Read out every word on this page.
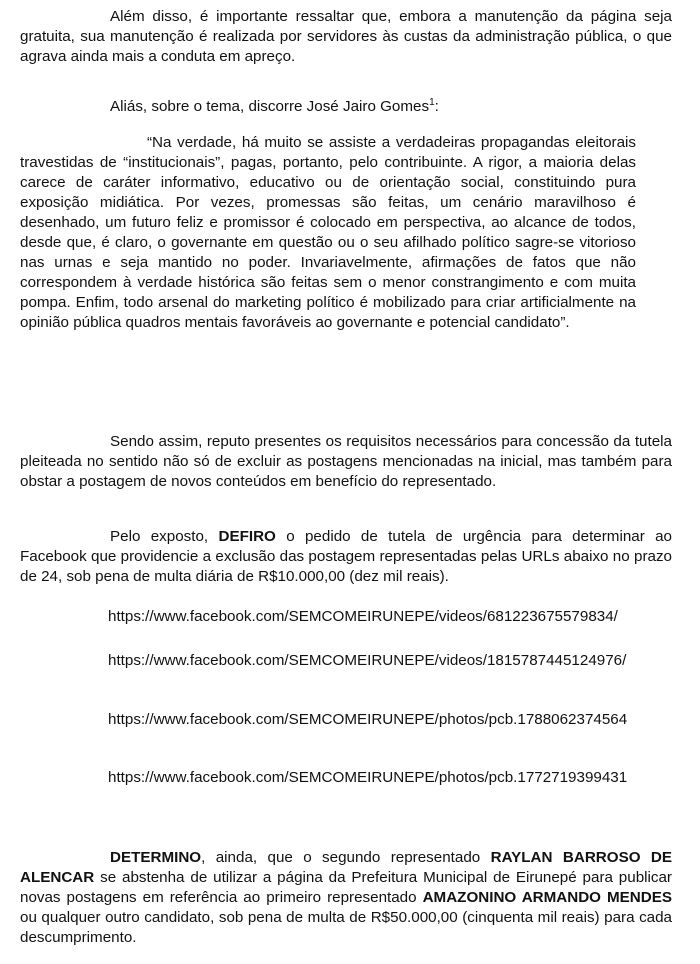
Além disso, é importante ressaltar que, embora a manutenção da página seja gratuita, sua manutenção é realizada por servidores às custas da administração pública, o que agrava ainda mais a conduta em apreço.

Aliás, sobre o tema, discorre José Jairo Gomes$^1$:

“Na verdade, há muito se assiste a verdadeiras propagandas eleitorais travestidas de “institucionais”, pagas, portanto, pelo contribuinte. A rigor, a maioria delas carece de caráter informativo, educativo ou de orientação social, constituindo pura exposição midiática. Por vezes, promessas são feitas, um cenário maravilhoso é desenhado, um futuro feliz e promissor é colocado em perspectiva, ao alcance de todos, desde que, é claro, o governante em questão ou o seu afilhado político sagre-se vitorioso nas urnas e seja mantido no poder. Invariavelmente, afirmações de fatos que não correspondem à verdade histórica são feitas sem o menor constrangimento e com muita pompa. Enfim, todo arsenal do marketing político é mobilizado para criar artificialmente na opinião pública quadros mentais favoráveis ao governante e potencial candidato”.

Sendo assim, reputo presentes os requisitos necessários para concessão da tutela pleiteada no sentido não só de excluir as postagens mencionadas na inicial, mas também para obstar a postagem de novos conteúdos em benefício do representado.

Pelo exposto, DEFIRO o pedido de tutela de urgência para determinar ao Facebook que providencie a exclusão das postagem representadas pelas URLs abaixo no prazo de 24, sob pena de multa diária de R$10.000,00 (dez mil reais).

https://www.facebook.com/SEMCOMEIRUNEPE/videos/681223675579834/
https://www.facebook.com/SEMCOMEIRUNEPE/videos/1815787445124976/
https://www.facebook.com/SEMCOMEIRUNEPE/photos/pcb.1788062374564
https://www.facebook.com/SEMCOMEIRUNEPE/photos/pcb.1772719399431

DETERMINO, ainda, que o segundo representado RAYLAN BARROSO DE ALENCAR se abstenha de utilizar a página da Prefeitura Municipal de Eirunepé para publicar novas postagens em referência ao primeiro representado AMAZONINO ARMANDO MENDES ou qualquer outro candidato, sob pena de multa de R$50.000,00 (cinquenta mil reais) para cada descumprimento.
